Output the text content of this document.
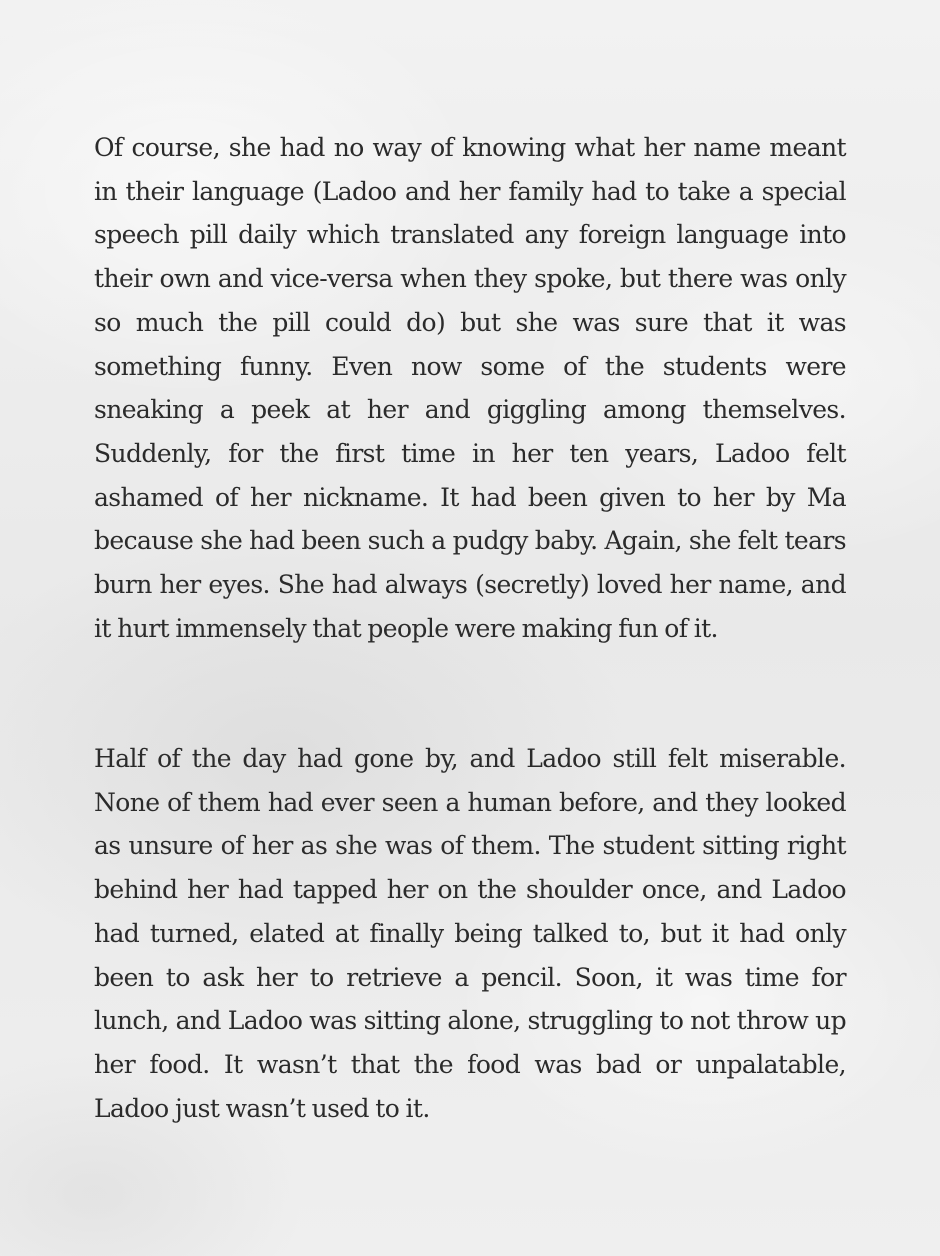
Of course, she had no way of knowing what her name meant in their language (Ladoo and her family had to take a special speech pill daily which translated any foreign language into their own and vice-versa when they spoke, but there was only so much the pill could do) but she was sure that it was something funny. Even now some of the students were sneaking a peek at her and giggling among themselves. Suddenly, for the first time in her ten years, Ladoo felt ashamed of her nickname. It had been given to her by Ma because she had been such a pudgy baby. Again, she felt tears burn her eyes. She had always (secretly) loved her name, and it hurt immensely that people were making fun of it.

Half of the day had gone by, and Ladoo still felt miserable. None of them had ever seen a human before, and they looked as unsure of her as she was of them. The student sitting right behind her had tapped her on the shoulder once, and Ladoo had turned, elated at finally being talked to, but it had only been to ask her to retrieve a pencil. Soon, it was time for lunch, and Ladoo was sitting alone, struggling to not throw up her food. It wasn’t that the food was bad or unpalatable, Ladoo just wasn’t used to it.
